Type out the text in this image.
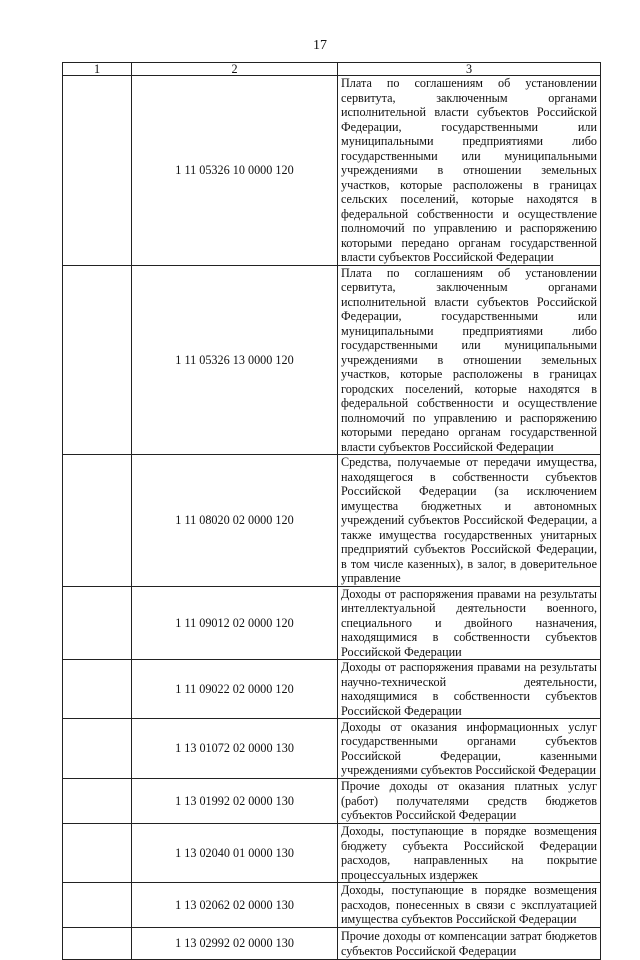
17
1	2	3
	1 11 05326 10 0000 120	Плата по соглашениям об установлении сервитута, заключенным органами исполнительной власти субъектов Российской Федерации, государственными или муниципальными предприятиями либо государственными или муниципальными учреждениями в отношении земельных участков, которые расположены в границах сельских поселений, которые находятся в федеральной собственности и осуществление полномочий по управлению и распоряжению которыми передано органам государственной власти субъектов Российской Федерации
	1 11 05326 13 0000 120	Плата по соглашениям об установлении сервитута, заключенным органами исполнительной власти субъектов Российской Федерации, государственными или муниципальными предприятиями либо государственными или муниципальными учреждениями в отношении земельных участков, которые расположены в границах городских поселений, которые находятся в федеральной собственности и осуществление полномочий по управлению и распоряжению которыми передано органам государственной власти субъектов Российской Федерации
	1 11 08020 02 0000 120	Средства, получаемые от передачи имущества, находящегося в собственности субъектов Российской Федерации (за исключением имущества бюджетных и автономных учреждений субъектов Российской Федерации, а также имущества государственных унитарных предприятий субъектов Российской Федерации, в том числе казенных), в залог, в доверительное управление
	1 11 09012 02 0000 120	Доходы от распоряжения правами на результаты интеллектуальной деятельности военного, специального и двойного назначения, находящимися в собственности субъектов Российской Федерации
	1 11 09022 02 0000 120	Доходы от распоряжения правами на результаты научно-технической деятельности, находящимися в собственности субъектов Российской Федерации
	1 13 01072 02 0000 130	Доходы от оказания информационных услуг государственными органами субъектов Российской Федерации, казенными учреждениями субъектов Российской Федерации
	1 13 01992 02 0000 130	Прочие доходы от оказания платных услуг (работ) получателями средств бюджетов субъектов Российской Федерации
	1 13 02040 01 0000 130	Доходы, поступающие в порядке возмещения бюджету субъекта Российской Федерации расходов, направленных на покрытие процессуальных издержек
	1 13 02062 02 0000 130	Доходы, поступающие в порядке возмещения расходов, понесенных в связи с эксплуатацией имущества субъектов Российской Федерации
	1 13 02992 02 0000 130	Прочие доходы от компенсации затрат бюджетов субъектов Российской Федерации
